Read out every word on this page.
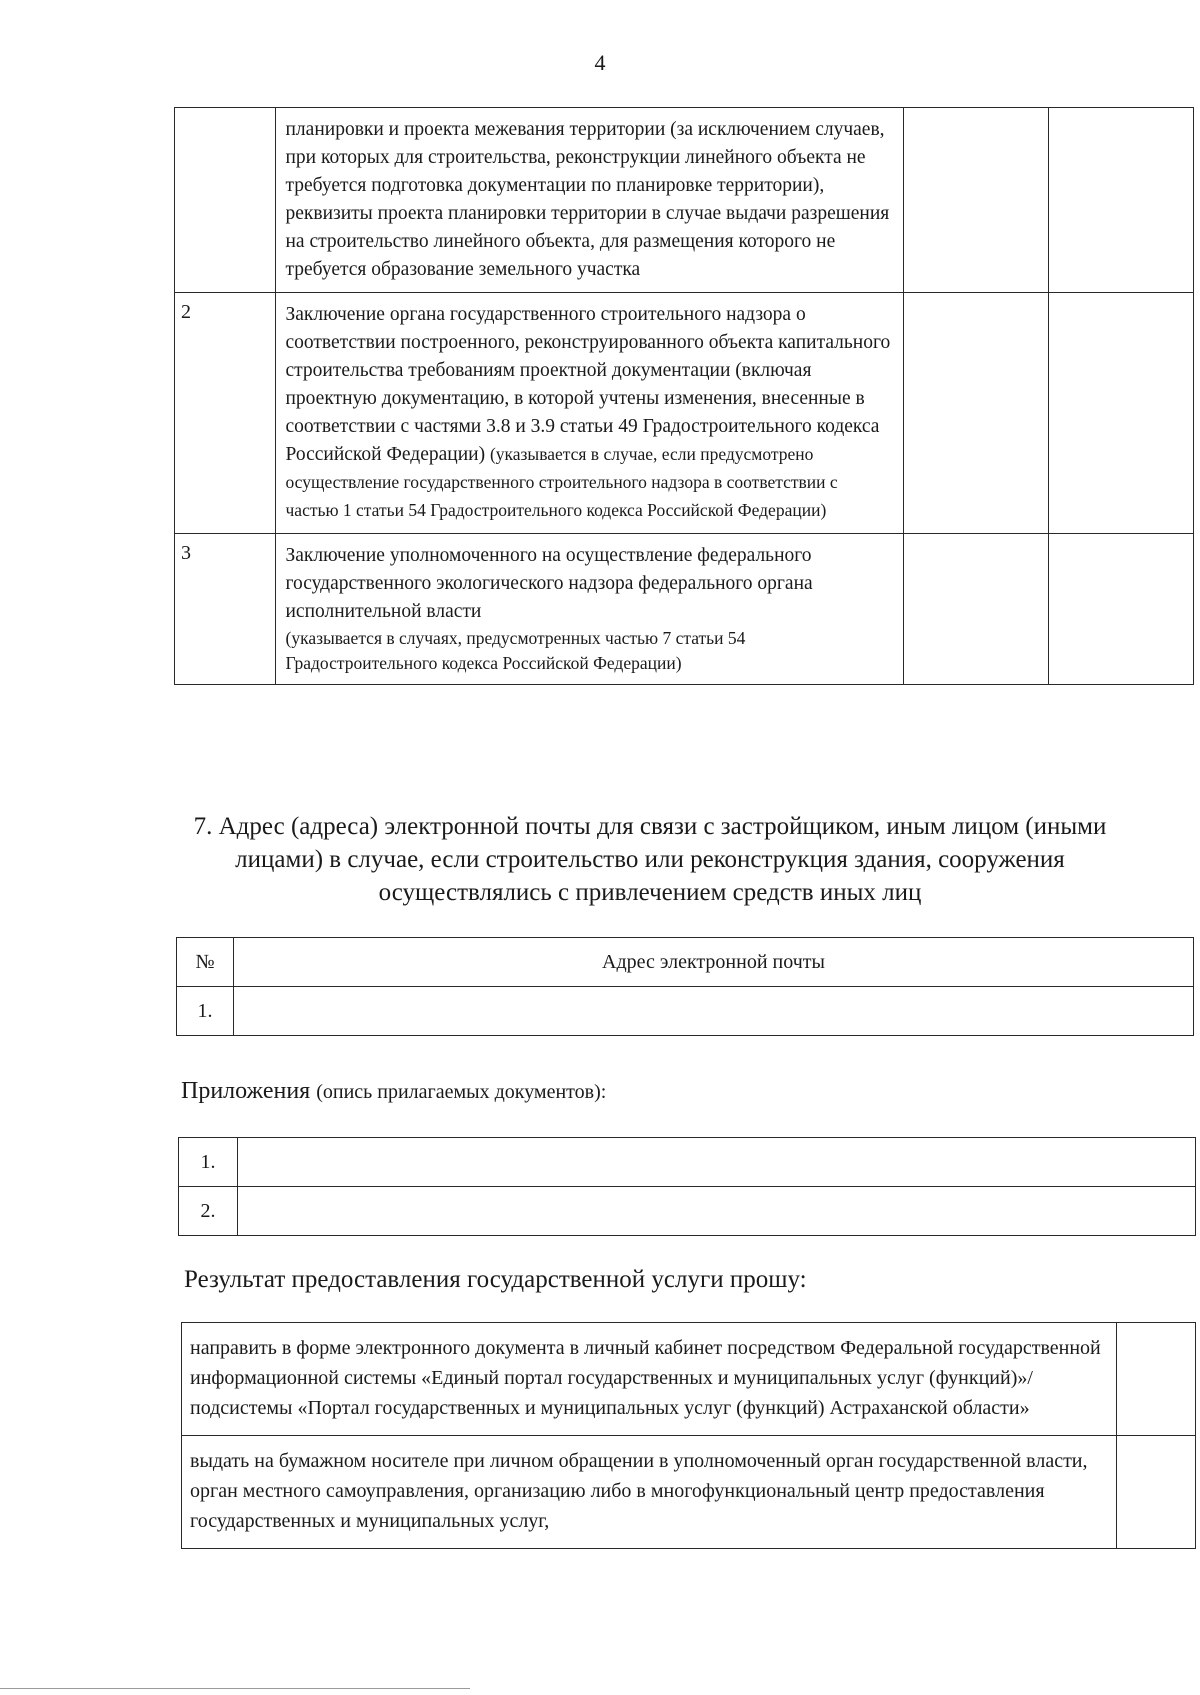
4
	планировки и проекта межевания территории (за исключением случаев, при которых для строительства, реконструкции линейного объекта не требуется подготовка документации по планировке территории), реквизиты проекта планировки территории в случае выдачи разрешения на строительство линейного объекта, для размещения которого не требуется образование земельного участка		
2	Заключение органа государственного строительного надзора о соответствии построенного, реконструированного объекта капитального строительства требованиям проектной документации (включая проектную документацию, в которой учтены изменения, внесенные в соответствии с частями 3.8 и 3.9 статьи 49 Градостроительного кодекса Российской Федерации) (указывается в случае, если предусмотрено осуществление государственного строительного надзора в соответствии с частью 1 статьи 54 Градостроительного кодекса Российской Федерации)		
3	Заключение уполномоченного на осуществление федерального государственного экологического надзора федерального органа исполнительной власти
(указывается в случаях, предусмотренных частью 7 статьи 54 Градостроительного кодекса Российской Федерации)		

7. Адрес (адреса) электронной почты для связи с застройщиком, иным лицом (иными лицами) в случае, если строительство или реконструкция здания, сооружения осуществлялись с привлечением средств иных лиц
№	Адрес электронной почты
1.	
Приложения (опись прилагаемых документов):
1.	
2.	
Результат предоставления государственной услуги прошу:
направить в форме электронного документа в личный кабинет посредством Федеральной государственной информационной системы «Единый портал государственных и муниципальных услуг (функций)»/ подсистемы «Портал государственных и муниципальных услуг (функций) Астраханской области»	
выдать на бумажном носителе при личном обращении в уполномоченный орган государственной власти, орган местного самоуправления, организацию либо в многофункциональный центр предоставления государственных и муниципальных услуг,	
